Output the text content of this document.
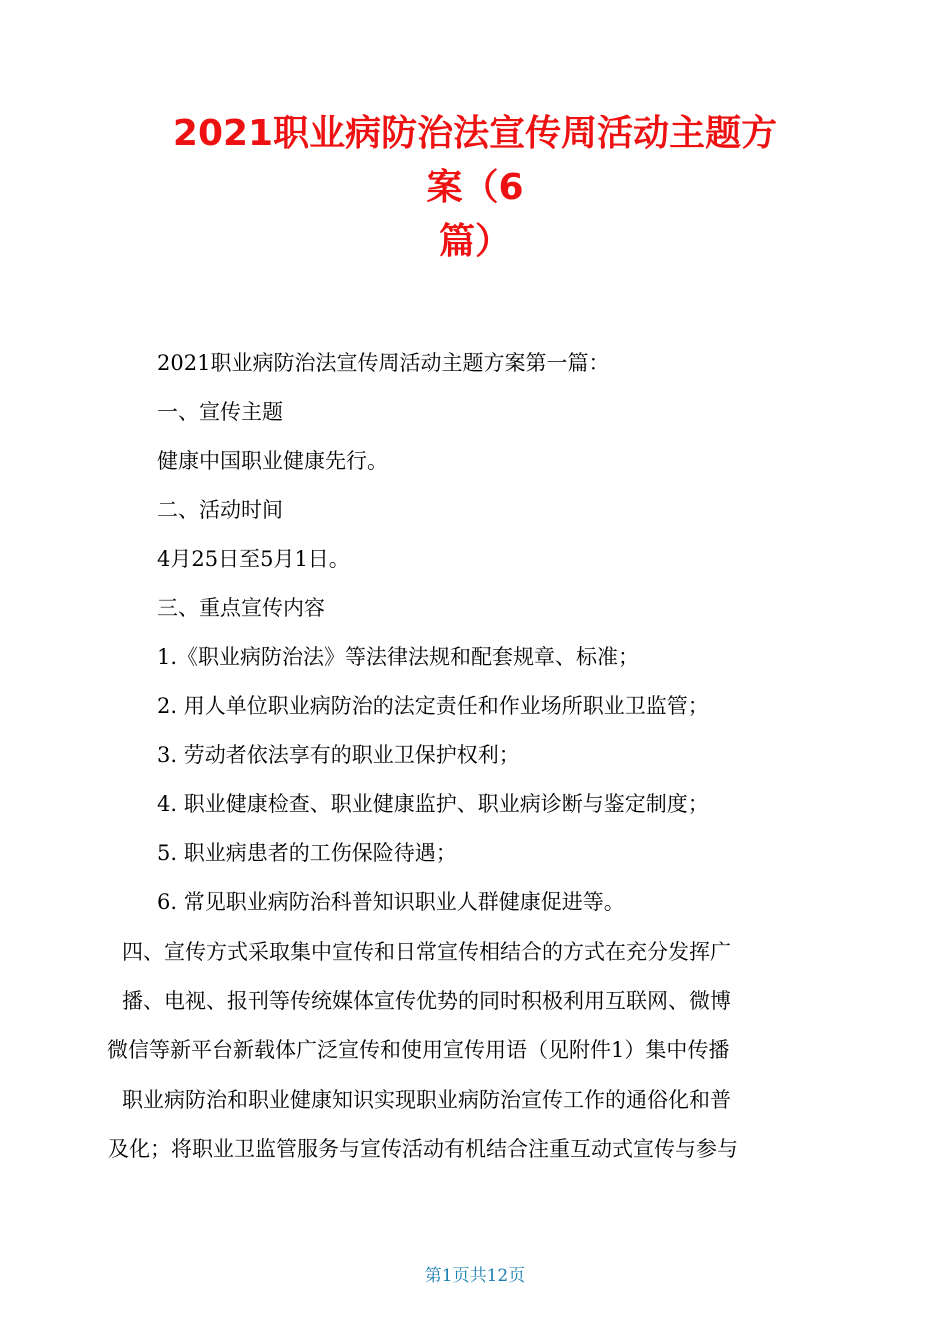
2021职业病防治法宣传周活动主题方
案（6
篇）
2021职业病防治法宣传周活动主题方案第一篇：
一、宣传主题
健康中国职业健康先行。
二、活动时间
4月25日至5月1日。
三、重点宣传内容
1.《职业病防治法》等法律法规和配套规章、标准；
2. 用人单位职业病防治的法定责任和作业场所职业卫监管；
3. 劳动者依法享有的职业卫保护权利；
4. 职业健康检查、职业健康监护、职业病诊断与鉴定制度；
5. 职业病患者的工伤保险待遇；
6. 常见职业病防治科普知识职业人群健康促进等。
四、宣传方式采取集中宣传和日常宣传相结合的方式在充分发挥广
播、电视、报刊等传统媒体宣传优势的同时积极利用互联网、微博
微信等新平台新载体广泛宣传和使用宣传用语（见附件1）集中传播
职业病防治和职业健康知识实现职业病防治宣传工作的通俗化和普
及化；将职业卫监管服务与宣传活动有机结合注重互动式宣传与参与
第1页共12页
